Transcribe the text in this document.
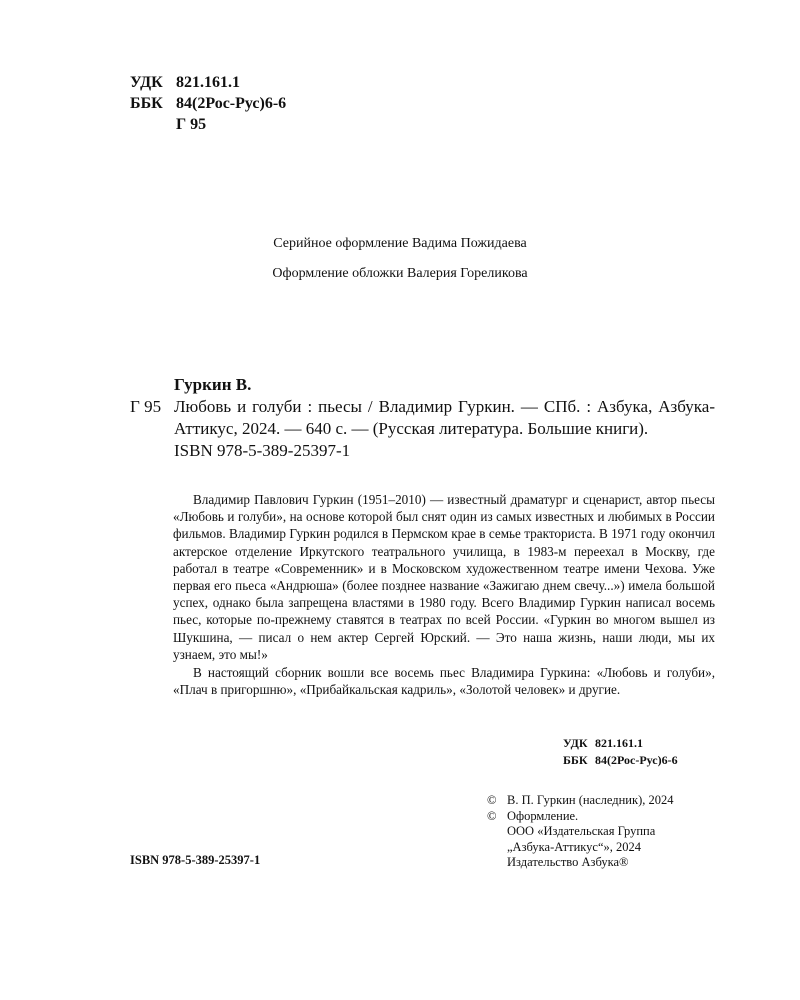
УДК 821.161.1
ББК 84(2Рос-Рус)6-6
Г 95
Серийное оформление Вадима Пожидаева
Оформление обложки Валерия Гореликова
Гуркин В.
Г 95 Любовь и голуби : пьесы / Владимир Гуркин. — СПб. : Азбука, Азбука-Аттикус, 2024. — 640 с. — (Русская литература. Большие книги).
ISBN 978-5-389-25397-1

Владимир Павлович Гуркин (1951–2010) — известный драматург и сценарист, автор пьесы «Любовь и голуби», на основе которой был снят один из самых известных и любимых в России фильмов. Владимир Гуркин родился в Пермском крае в семье тракториста. В 1971 году окончил актерское отделение Иркутского театрального училища, в 1983-м переехал в Москву, где работал в театре «Современник» и в Московском художественном театре имени Чехова. Уже первая его пьеса «Андрюша» (более позднее название «Зажигаю днем свечу...») имела большой успех, однако была запрещена властями в 1980 году. Всего Владимир Гуркин написал восемь пьес, которые по-прежнему ставятся в театрах по всей России. «Гуркин во многом вышел из Шукшина, — писал о нем актер Сергей Юрский. — Это наша жизнь, наши люди, мы их узнаем, это мы!»

В настоящий сборник вошли все восемь пьес Владимира Гуркина: «Любовь и голуби», «Плач в пригоршню», «Прибайкальская кадриль», «Золотой человек» и другие.

УДК 821.161.1
ББК 84(2Рос-Рус)6-6
© В. П. Гуркин (наследник), 2024
© Оформление.
ООО «Издательская Группа
„Азбука-Аттикус“», 2024
Издательство Азбука®
ISBN 978-5-389-25397-1
